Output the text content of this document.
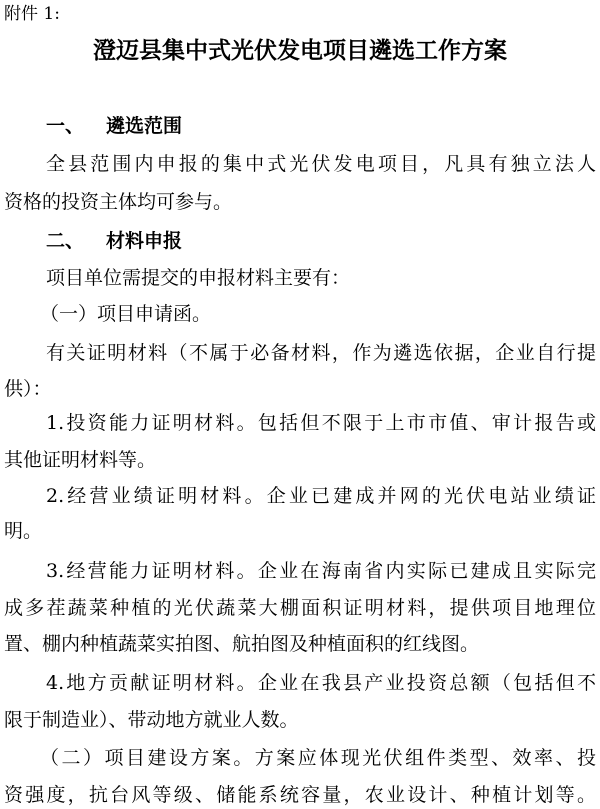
附件 1:
澄迈县集中式光伏发电项目遴选工作方案
一、 遴选范围
全县范围内申报的集中式光伏发电项目，凡具有独立法人
资格的投资主体均可参与。
二、 材料申报
项目单位需提交的申报材料主要有：
（一）项目申请函。
有关证明材料（不属于必备材料，作为遴选依据，企业自行提
供）：
1.投资能力证明材料。包括但不限于上市市值、审计报告或
其他证明材料等。
2.经营业绩证明材料。企业已建成并网的光伏电站业绩证
明。
3.经营能力证明材料。企业在海南省内实际已建成且实际完
成多茬蔬菜种植的光伏蔬菜大棚面积证明材料，提供项目地理位
置、棚内种植蔬菜实拍图、航拍图及种植面积的红线图。
4.地方贡献证明材料。企业在我县产业投资总额（包括但不
限于制造业）、带动地方就业人数。
（二）项目建设方案。方案应体现光伏组件类型、效率、投
资强度，抗台风等级、储能系统容量，农业设计、种植计划等。
